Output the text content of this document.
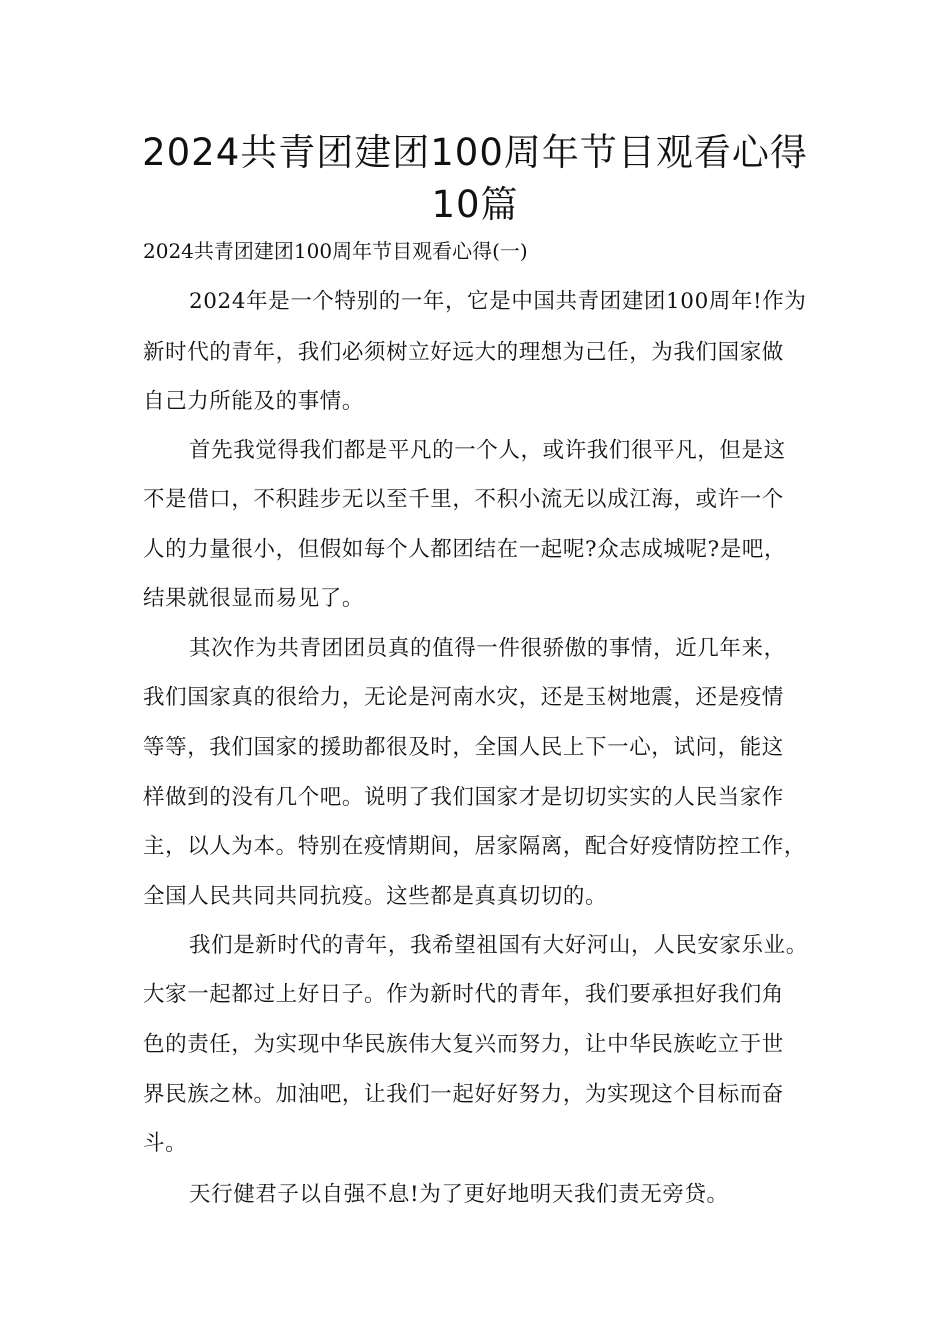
2024共青团建团100周年节目观看心得
10篇
2024共青团建团100周年节目观看心得(一)
2024年是一个特别的一年，它是中国共青团建团100周年!作为
新时代的青年，我们必须树立好远大的理想为己任，为我们国家做
自己力所能及的事情。
首先我觉得我们都是平凡的一个人，或许我们很平凡，但是这
不是借口，不积跬步无以至千里，不积小流无以成江海，或许一个
人的力量很小，但假如每个人都团结在一起呢?众志成城呢?是吧，
结果就很显而易见了。
其次作为共青团团员真的值得一件很骄傲的事情，近几年来，
我们国家真的很给力，无论是河南水灾，还是玉树地震，还是疫情
等等，我们国家的援助都很及时，全国人民上下一心，试问，能这
样做到的没有几个吧。说明了我们国家才是切切实实的人民当家作
主，以人为本。特别在疫情期间，居家隔离，配合好疫情防控工作，
全国人民共同共同抗疫。这些都是真真切切的。
我们是新时代的青年，我希望祖国有大好河山，人民安家乐业。
大家一起都过上好日子。作为新时代的青年，我们要承担好我们角
色的责任，为实现中华民族伟大复兴而努力，让中华民族屹立于世
界民族之林。加油吧，让我们一起好好努力，为实现这个目标而奋
斗。
天行健君子以自强不息!为了更好地明天我们责无旁贷。
